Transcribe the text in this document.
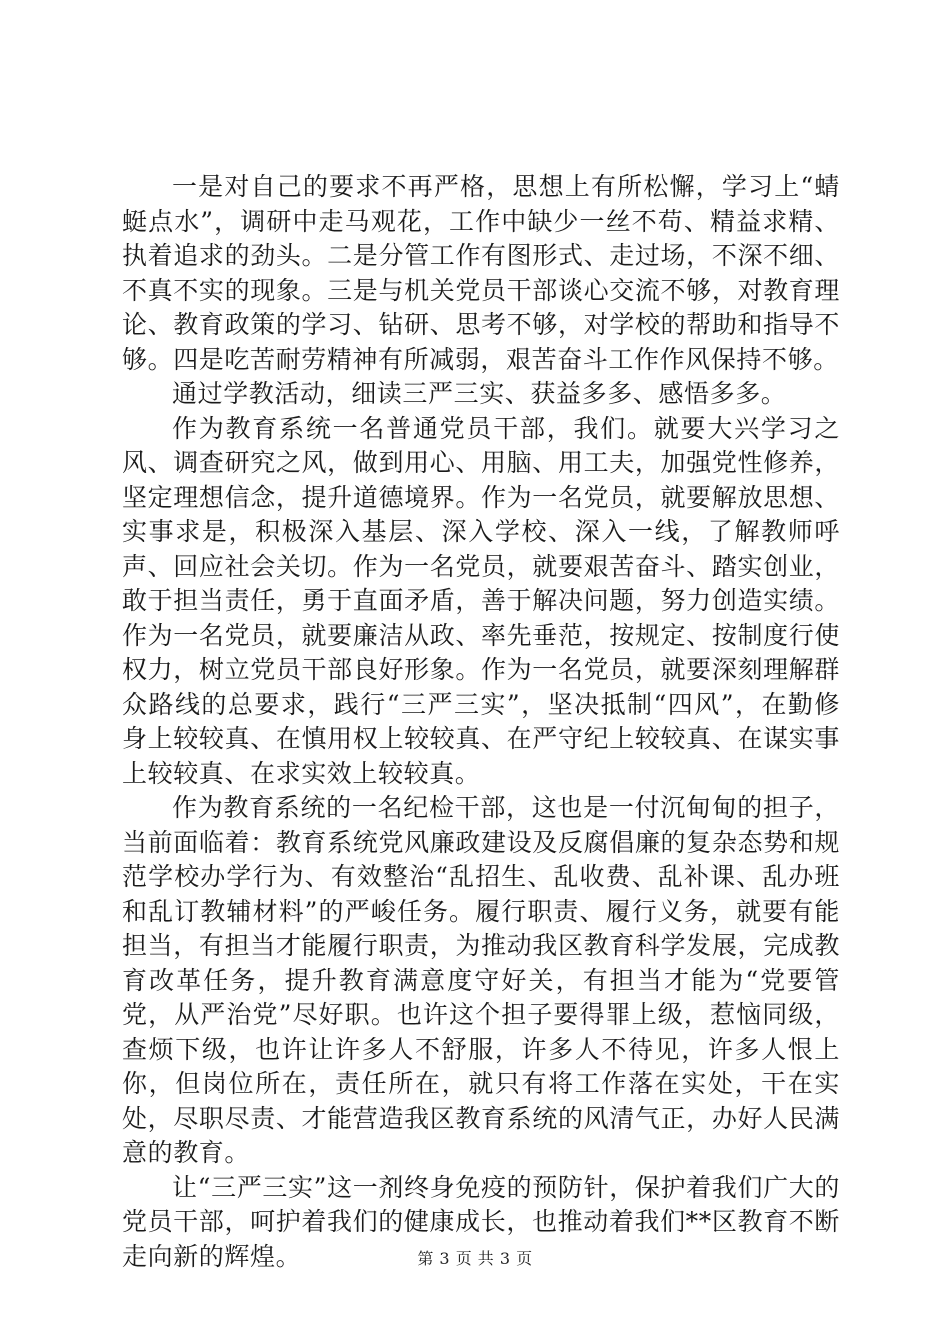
一是对自己的要求不再严格，思想上有所松懈，学习上“蜻蜓点水”，调研中走马观花，工作中缺少一丝不苟、精益求精、执着追求的劲头。二是分管工作有图形式、走过场，不深不细、不真不实的现象。三是与机关党员干部谈心交流不够，对教育理论、教育政策的学习、钻研、思考不够，对学校的帮助和指导不够。四是吃苦耐劳精神有所减弱，艰苦奋斗工作作风保持不够。

通过学教活动，细读三严三实、获益多多、感悟多多。

作为教育系统一名普通党员干部，我们。就要大兴学习之风、调查研究之风，做到用心、用脑、用工夫，加强党性修养，坚定理想信念，提升道德境界。作为一名党员，就要解放思想、实事求是，积极深入基层、深入学校、深入一线，了解教师呼声、回应社会关切。作为一名党员，就要艰苦奋斗、踏实创业，敢于担当责任，勇于直面矛盾，善于解决问题，努力创造实绩。作为一名党员，就要廉洁从政、率先垂范，按规定、按制度行使权力，树立党员干部良好形象。作为一名党员，就要深刻理解群众路线的总要求，践行“三严三实”，坚决抵制“四风”，在勤修身上较较真、在慎用权上较较真、在严守纪上较较真、在谋实事上较较真、在求实效上较较真。

作为教育系统的一名纪检干部，这也是一付沉甸甸的担子，当前面临着：教育系统党风廉政建设及反腐倡廉的复杂态势和规范学校办学行为、有效整治“乱招生、乱收费、乱补课、乱办班和乱订教辅材料”的严峻任务。履行职责、履行义务，就要有能担当，有担当才能履行职责，为推动我区教育科学发展，完成教育改革任务，提升教育满意度守好关，有担当才能为“党要管党，从严治党”尽好职。也许这个担子要得罪上级，惹恼同级，查烦下级，也许让许多人不舒服，许多人不待见，许多人恨上你，但岗位所在，责任所在，就只有将工作落在实处，干在实处，尽职尽责、才能营造我区教育系统的风清气正，办好人民满意的教育。

让“三严三实”这一剂终身免疫的预防针，保护着我们广大的党员干部，呵护着我们的健康成长，也推动着我们**区教育不断走向新的辉煌。	第 3 页 共 3 页
